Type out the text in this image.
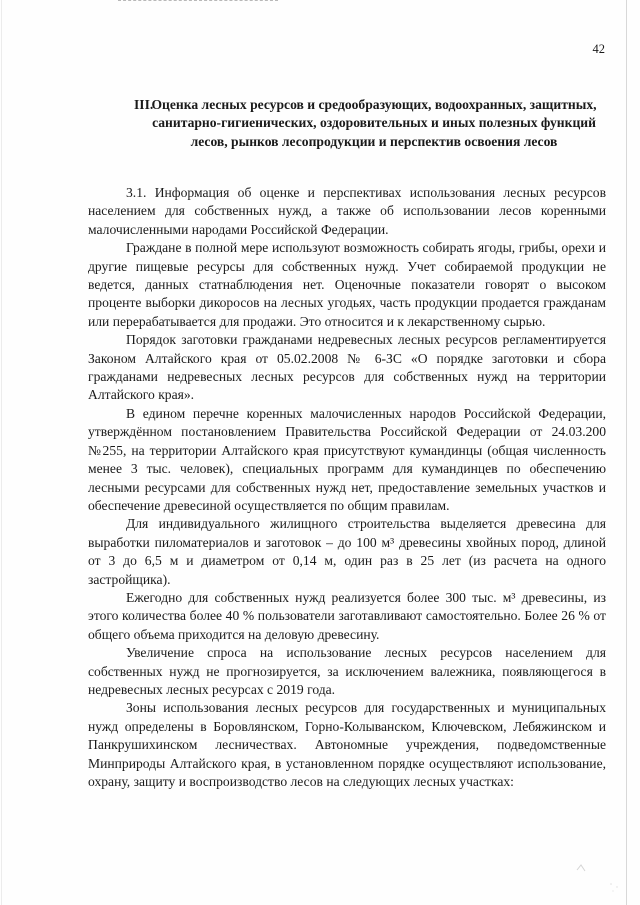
42
III.
Оценка лесных ресурсов и средообразующих, водоохранных, защитных, санитарно-гигиенических, оздоровительных и иных полезных функций лесов, рынков лесопродукции и перспектив освоения лесов

3.1. Информация об оценке и перспективах использования лесных ресурсов населением для собственных нужд, а также об использовании лесов коренными малочисленными народами Российской Федерации.

Граждане в полной мере используют возможность собирать ягоды, грибы, орехи и другие пищевые ресурсы для собственных нужд. Учет собираемой продукции не ведется, данных статнаблюдения нет. Оценочные показатели говорят о высоком проценте выборки дикоросов на лесных угодьях, часть продукции продается гражданам или перерабатывается для продажи. Это относится и к лекарственному сырью.

Порядок заготовки гражданами недревесных лесных ресурсов регламентируется Законом Алтайского края от 05.02.2008 № 6-ЗС «О порядке заготовки и сбора гражданами недревесных лесных ресурсов для собственных нужд на территории Алтайского края».

В едином перечне коренных малочисленных народов Российской Федерации, утверждённом постановлением Правительства Российской Федерации от 24.03.200 №255, на территории Алтайского края присутствуют кумандинцы (общая численность менее 3 тыс. человек), специальных программ для кумандинцев по обеспечению лесными ресурсами для собственных нужд нет, предоставление земельных участков и обеспечение древесиной осуществляется по общим правилам.

Для индивидуального жилищного строительства выделяется древесина для выработки пиломатериалов и заготовок – до 100 м³ древесины хвойных пород, длиной от 3 до 6,5 м и диаметром от 0,14 м, один раз в 25 лет (из расчета на одного застройщика).

Ежегодно для собственных нужд реализуется более 300 тыс. м³ древесины, из этого количества более 40 % пользователи заготавливают самостоятельно. Более 26 % от общего объема приходится на деловую древесину.

Увеличение спроса на использование лесных ресурсов населением для собственных нужд не прогнозируется, за исключением валежника, появляющегося в недревесных лесных ресурсах с 2019 года.

Зоны использования лесных ресурсов для государственных и муниципальных нужд определены в Боровлянском, Горно-Колыванском, Ключевском, Лебяжинском и Панкрушихинском лесничествах. Автономные учреждения, подведомственные Минприроды Алтайского края, в установленном порядке осуществляют использование, охрану, защиту и воспроизводство лесов на следующих лесных участках:
